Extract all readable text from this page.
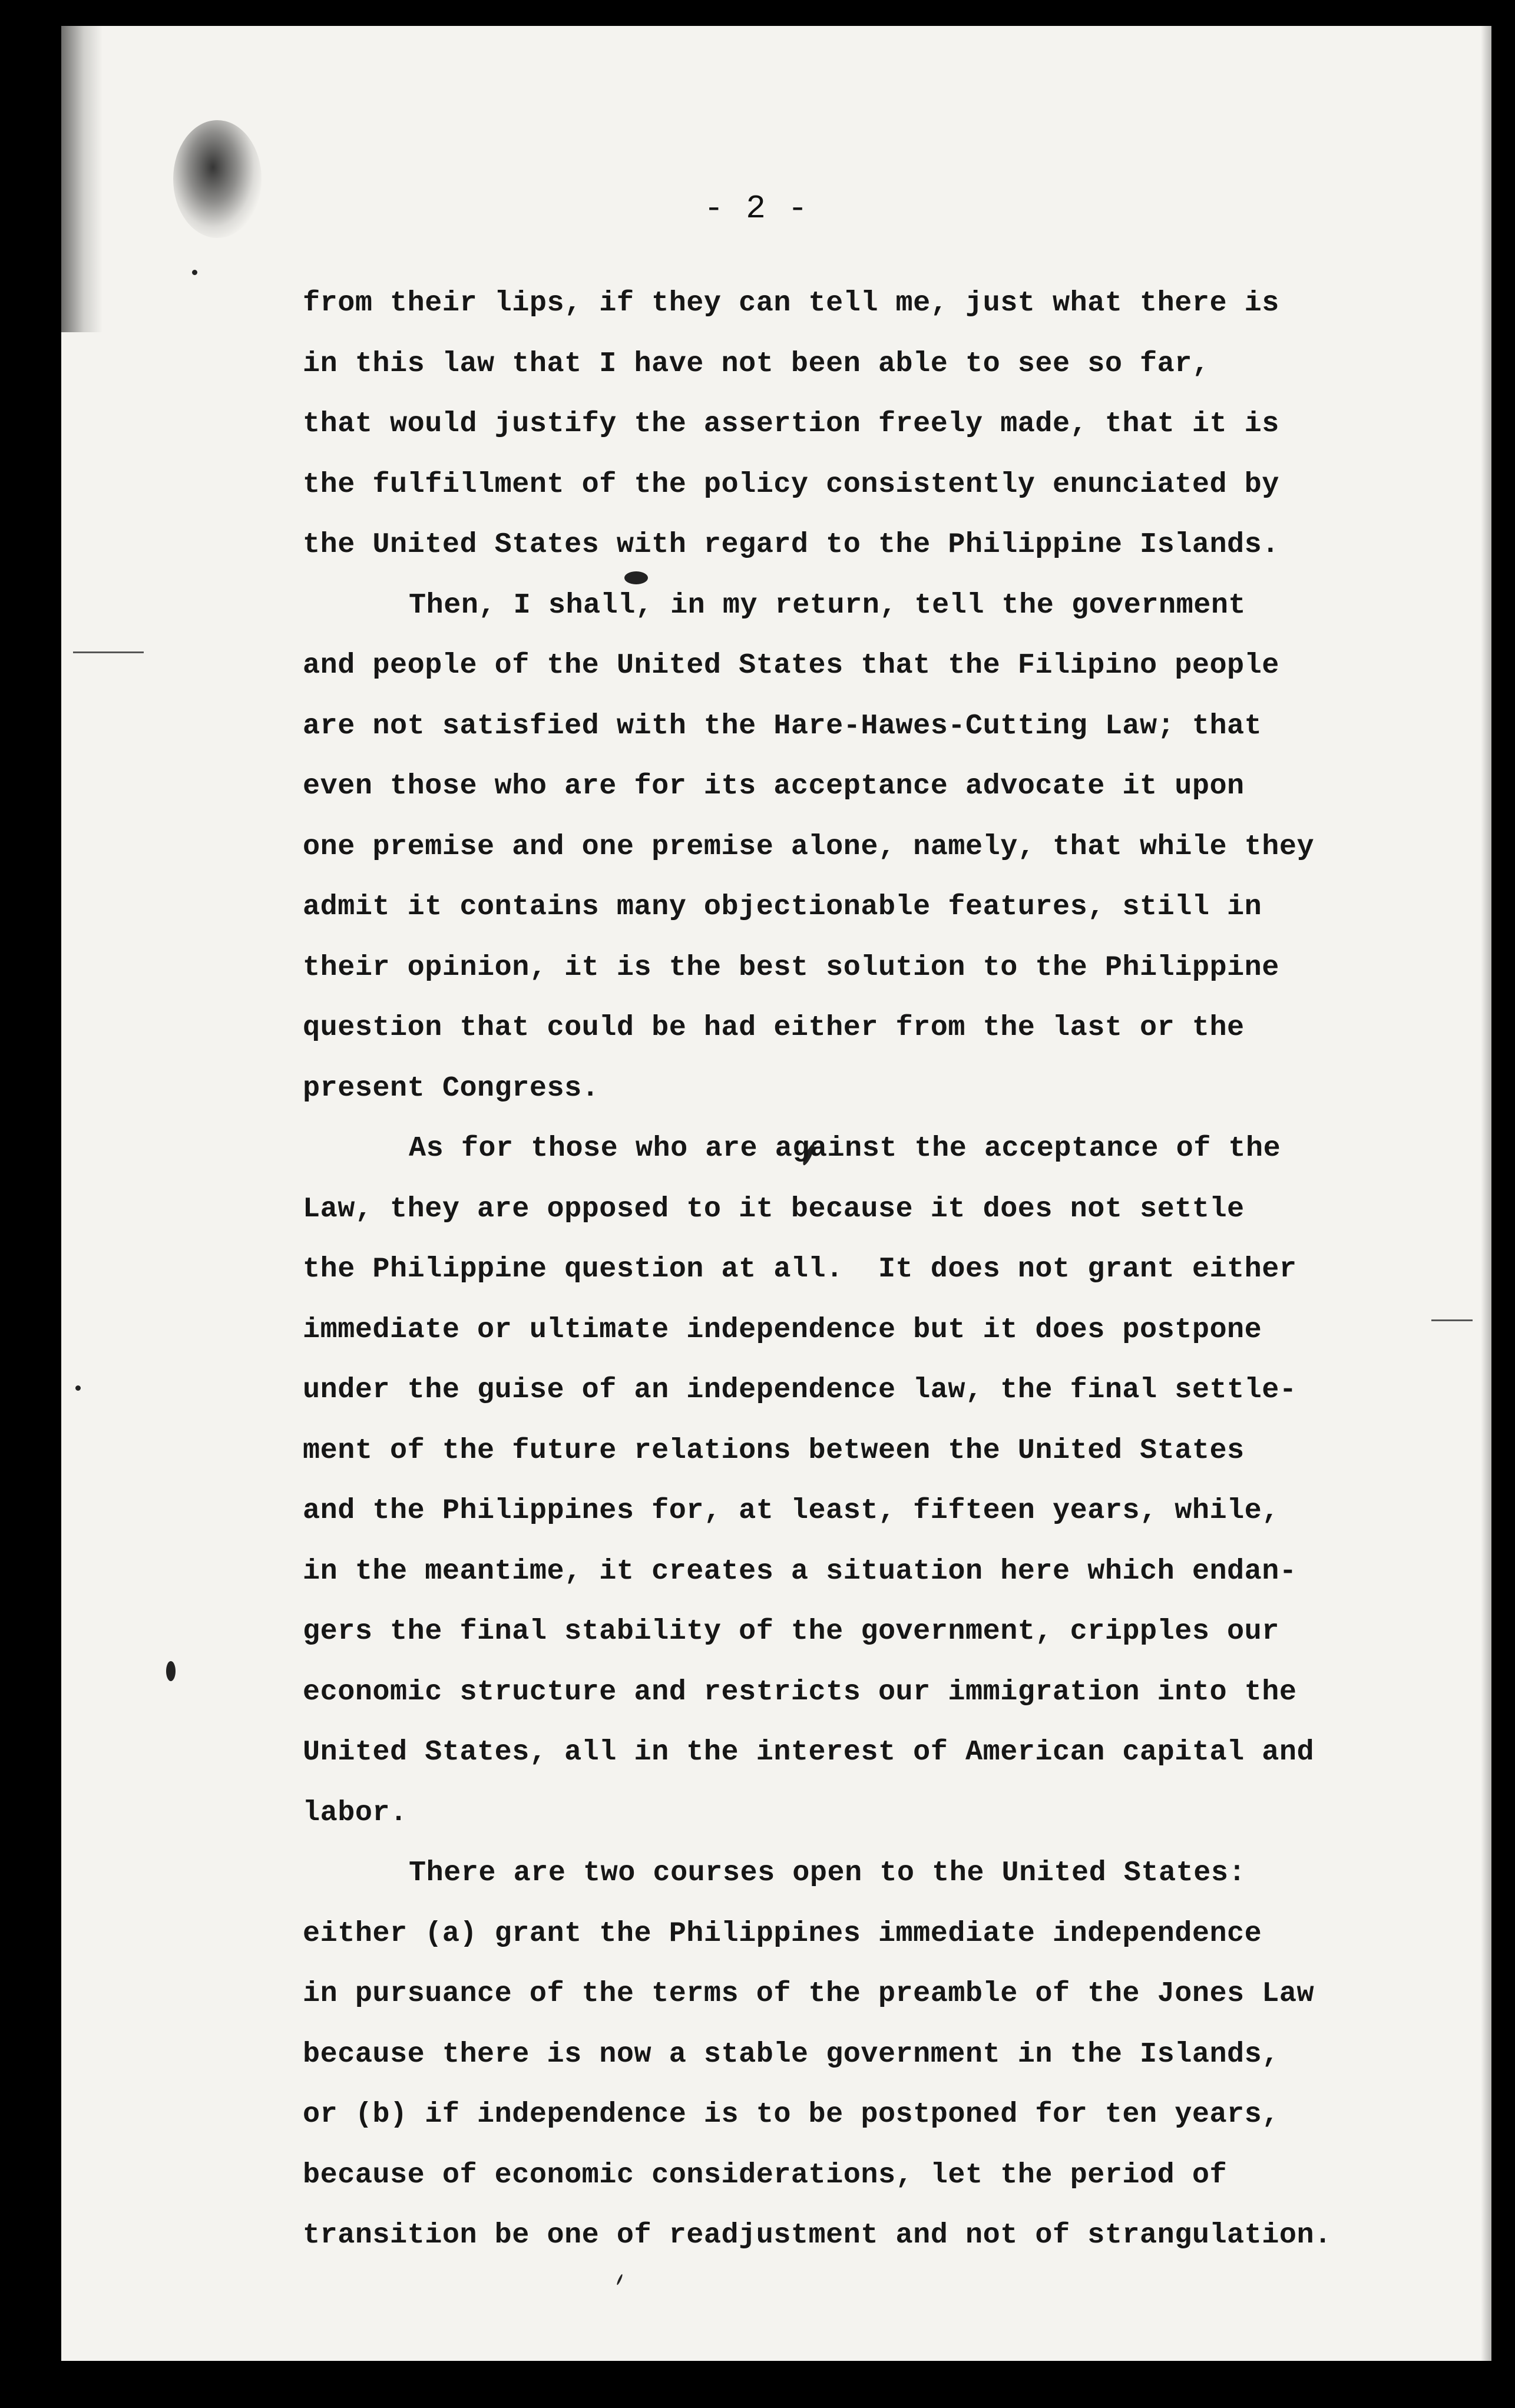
- 2 -
from their lips, if they can tell me, just what there is
in this law that I have not been able to see so far,
that would justify the assertion freely made, that it is
the fulfillment of the policy consistently enunciated by
the United States with regard to the Philippine Islands.
Then, I shall, in my return, tell the government
and people of the United States that the Filipino people
are not satisfied with the Hare-Hawes-Cutting Law; that
even those who are for its acceptance advocate it upon
one premise and one premise alone, namely, that while they
admit it contains many objectionable features, still in
their opinion, it is the best solution to the Philippine
question that could be had either from the last or the
present Congress.
As for those who are against the acceptance of the
Law, they are opposed to it because it does not settle
the Philippine question at all.  It does not grant either
immediate or ultimate independence but it does postpone
under the guise of an independence law, the final settle-
ment of the future relations between the United States
and the Philippines for, at least, fifteen years, while,
in the meantime, it creates a situation here which endan-
gers the final stability of the government, cripples our
economic structure and restricts our immigration into the
United States, all in the interest of American capital and
labor.
There are two courses open to the United States:
either (a) grant the Philippines immediate independence
in pursuance of the terms of the preamble of the Jones Law
because there is now a stable government in the Islands,
or (b) if independence is to be postponed for ten years,
because of economic considerations, let the period of
transition be one of readjustment and not of strangulation.
